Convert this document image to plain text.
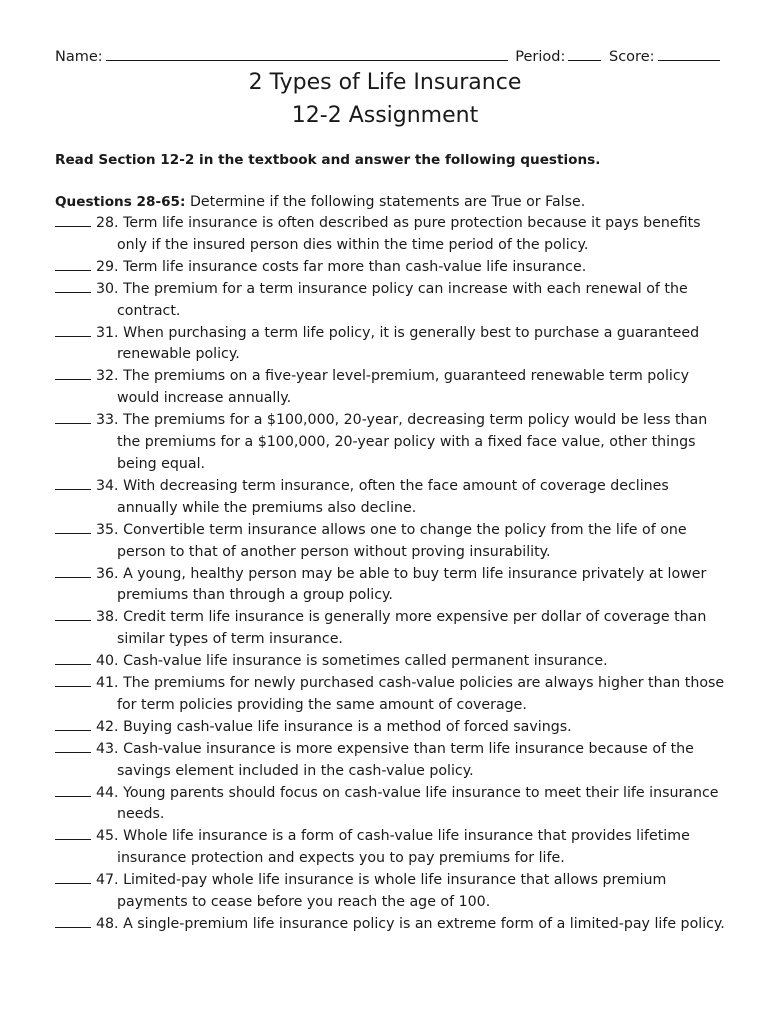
Name:	Period:	Score:
2 Types of Life Insurance
12-2 Assignment
Read Section 12-2 in the textbook and answer the following questions.
Questions 28-65: Determine if the following statements are True or False.
28. Term life insurance is often described as pure protection because it pays benefits only if the insured person dies within the time period of the policy.
29. Term life insurance costs far more than cash-value life insurance.
30. The premium for a term insurance policy can increase with each renewal of the contract.
31. When purchasing a term life policy, it is generally best to purchase a guaranteed renewable policy.
32. The premiums on a five-year level-premium, guaranteed renewable term policy would increase annually.
33. The premiums for a $100,000, 20-year, decreasing term policy would be less than the premiums for a $100,000, 20-year policy with a fixed face value, other things being equal.
34. With decreasing term insurance, often the face amount of coverage declines annually while the premiums also decline.
35. Convertible term insurance allows one to change the policy from the life of one person to that of another person without proving insurability.
36. A young, healthy person may be able to buy term life insurance privately at lower premiums than through a group policy.
38. Credit term life insurance is generally more expensive per dollar of coverage than similar types of term insurance.
40. Cash-value life insurance is sometimes called permanent insurance.
41. The premiums for newly purchased cash-value policies are always higher than those for term policies providing the same amount of coverage.
42. Buying cash-value life insurance is a method of forced savings.
43. Cash-value insurance is more expensive than term life insurance because of the savings element included in the cash-value policy.
44. Young parents should focus on cash-value life insurance to meet their life insurance needs.
45. Whole life insurance is a form of cash-value life insurance that provides lifetime insurance protection and expects you to pay premiums for life.
47. Limited-pay whole life insurance is whole life insurance that allows premium payments to cease before you reach the age of 100.
48. A single-premium life insurance policy is an extreme form of a limited-pay life policy.
